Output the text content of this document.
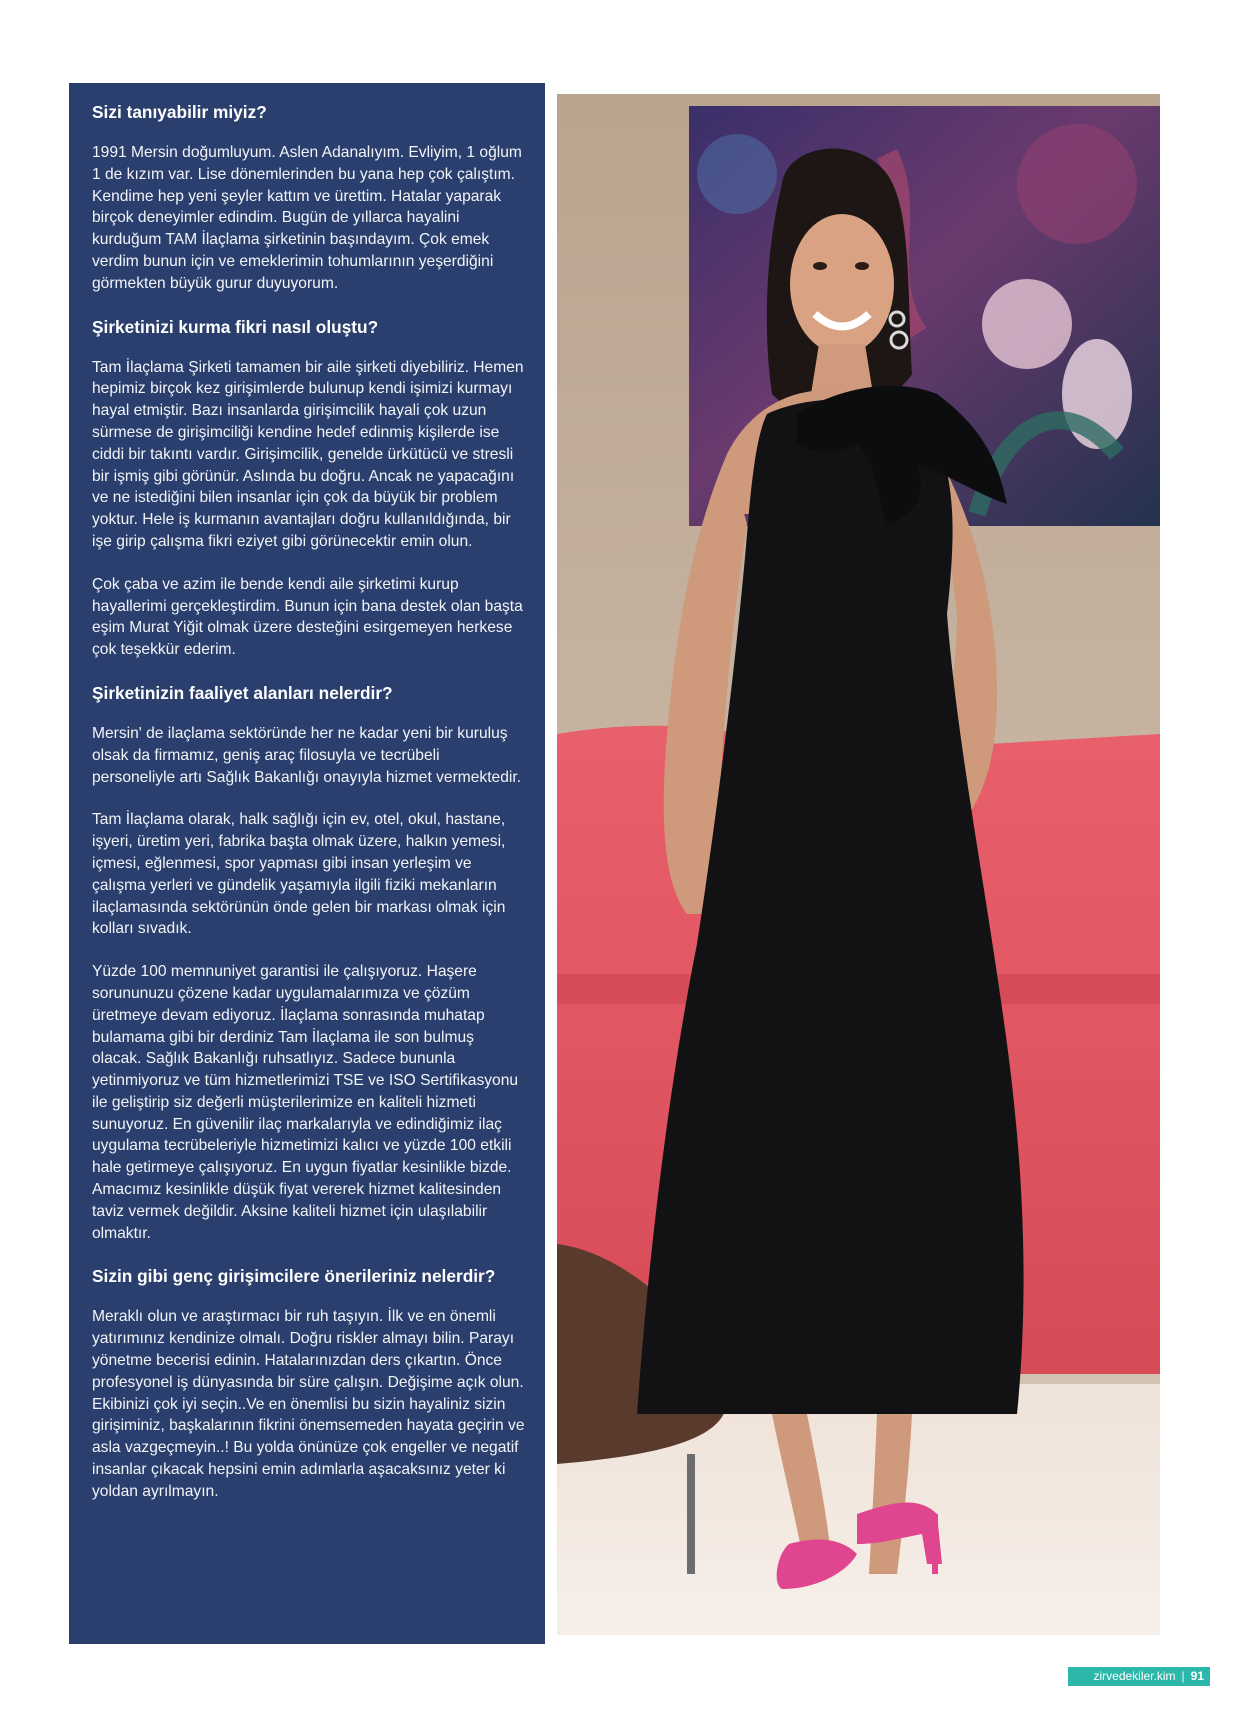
Sizi tanıyabilir miyiz?
1991 Mersin doğumluyum. Aslen Adanalıyım. Evliyim, 1 oğlum 1 de kızım var. Lise dönemlerinden bu yana hep çok çalıştım. Kendime hep yeni şeyler kattım ve ürettim. Hatalar yaparak birçok deneyimler edindim. Bugün de yıllarca hayalini kurduğum TAM İlaçlama şirketinin başındayım. Çok emek verdim bunun için ve emeklerimin tohumlarının yeşerdiğini görmekten büyük gurur duyuyorum.
Şirketinizi kurma fikri nasıl oluştu?
Tam İlaçlama Şirketi tamamen bir aile şirketi diyebiliriz. Hemen hepimiz birçok kez girişimlerde bulunup kendi işimizi kurmayı hayal etmiştir. Bazı insanlarda girişimcilik hayali çok uzun sürmese de girişimciliği kendine hedef edinmiş kişilerde ise ciddi bir takıntı vardır. Girişimcilik, genelde ürkütücü ve stresli bir işmiş gibi görünür. Aslında bu doğru. Ancak ne yapacağını ve ne istediğini bilen insanlar için çok da büyük bir problem yoktur. Hele iş kurmanın avantajları doğru kullanıldığında, bir işe girip çalışma fikri eziyet gibi görünecektir emin olun.
Çok çaba ve azim ile bende kendi aile şirketimi kurup hayallerimi gerçekleştirdim. Bunun için bana destek olan başta eşim Murat Yiğit olmak üzere desteğini esirgemeyen herkese çok teşekkür ederim.
Şirketinizin faaliyet alanları nelerdir?
Mersin' de ilaçlama sektöründe her ne kadar yeni bir kuruluş olsak da firmamız, geniş araç filosuyla ve tecrübeli personeliyle artı Sağlık Bakanlığı onayıyla hizmet vermektedir.
Tam İlaçlama olarak, halk sağlığı için ev, otel, okul, hastane, işyeri, üretim yeri, fabrika başta olmak üzere, halkın yemesi, içmesi, eğlenmesi, spor yapması gibi insan yerleşim ve çalışma yerleri ve gündelik yaşamıyla ilgili fiziki mekanların ilaçlamasında sektörünün önde gelen bir markası olmak için kolları sıvadık.
Yüzde 100 memnuniyet garantisi ile çalışıyoruz. Haşere sorununuzu çözene kadar uygulamalarımıza ve çözüm üretmeye devam ediyoruz. İlaçlama sonrasında muhatap bulamama gibi bir derdiniz Tam İlaçlama ile son bulmuş olacak. Sağlık Bakanlığı ruhsatlıyız. Sadece bununla yetinmiyoruz ve tüm hizmetlerimizi TSE ve ISO Sertifikasyonu ile geliştirip siz değerli müşterilerimize en kaliteli hizmeti sunuyoruz. En güvenilir ilaç markalarıyla ve edindiğimiz ilaç uygulama tecrübeleriyle hizmetimizi kalıcı ve yüzde 100 etkili hale getirmeye çalışıyoruz. En uygun fiyatlar kesinlikle bizde. Amacımız kesinlikle düşük fiyat vererek hizmet kalitesinden taviz vermek değildir. Aksine kaliteli hizmet için ulaşılabilir olmaktır.
Sizin gibi genç girişimcilere önerileriniz nelerdir?
Meraklı olun ve araştırmacı bir ruh taşıyın. İlk ve en önemli yatırımınız kendinize olmalı. Doğru riskler almayı bilin. Parayı yönetme becerisi edinin. Hatalarınızdan ders çıkartın. Önce profesyonel iş dünyasında bir süre çalışın. Değişime açık olun. Ekibinizi çok iyi seçin..Ve en önemlisi bu sizin hayaliniz sizin girişiminiz, başkalarının fikrini önemsemeden hayata geçirin ve asla vazgeçmeyin..! Bu yolda önünüze çok engeller ve negatif insanlar çıkacak hepsini emin adımlarla aşacaksınız yeter ki yoldan ayrılmayın.
zirvedekiler.kim | 91
